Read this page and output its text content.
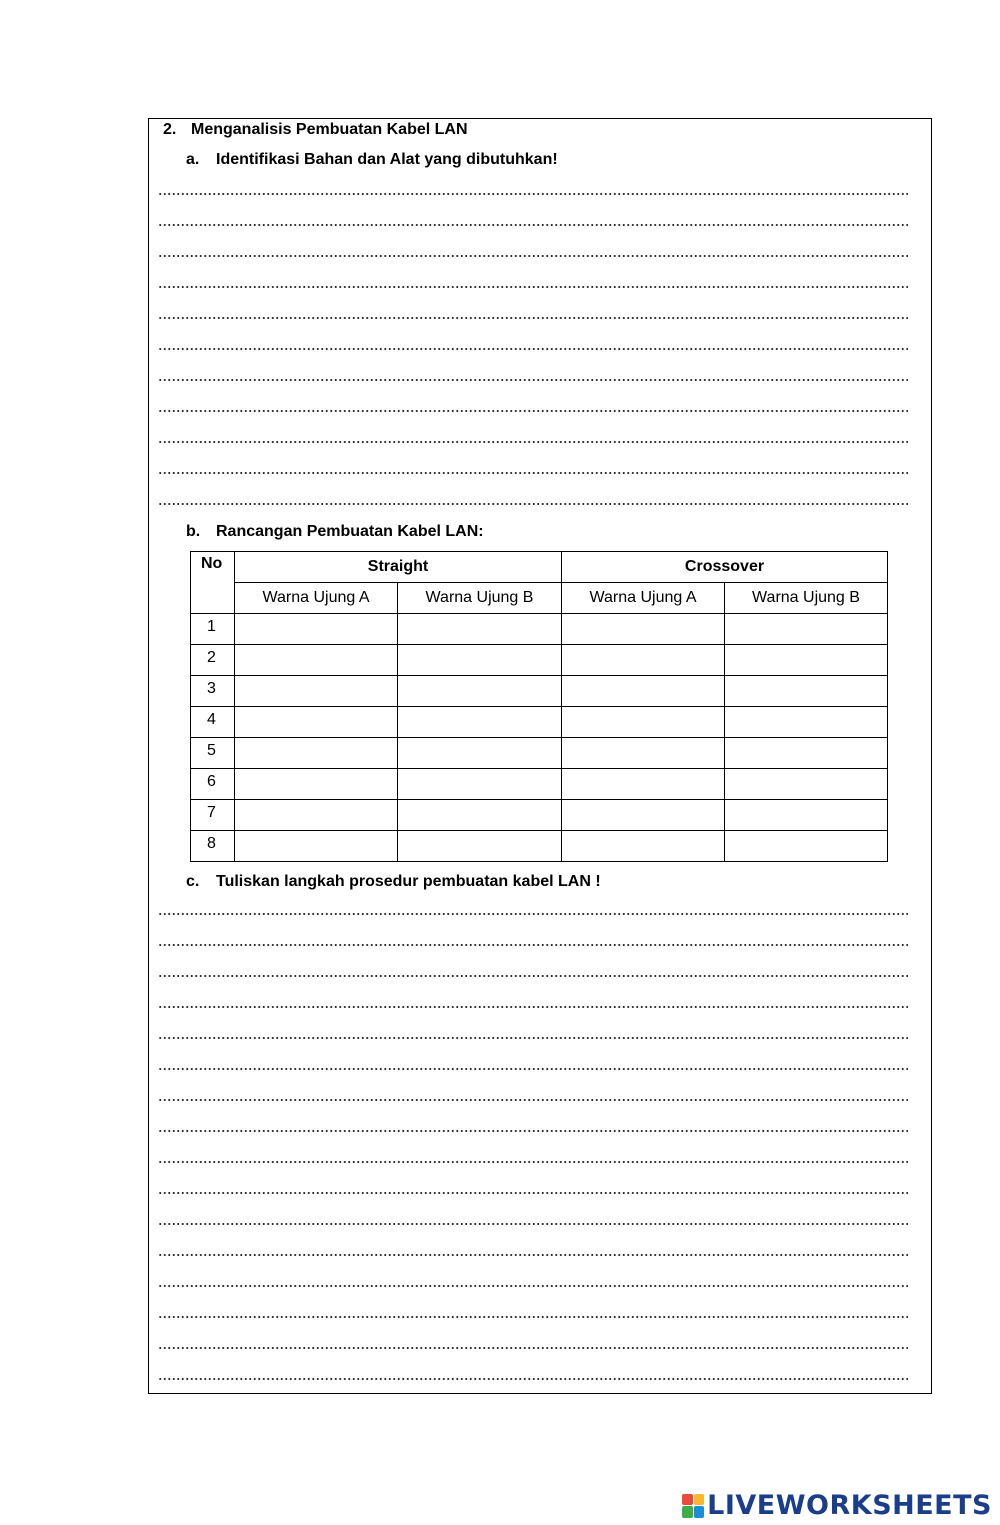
2. Menganalisis Pembuatan Kabel LAN
a. Identifikasi Bahan dan Alat yang dibutuhkan!
b. Rancangan Pembuatan Kabel LAN:
No	Straight		Crossover	
	Warna Ujung A	Warna Ujung B	Warna Ujung A	Warna Ujung B
1				
2				
3				
4				
5				
6				
7				
8				
c. Tuliskan langkah prosedur pembuatan kabel LAN !
LIVEWORKSHEETS
